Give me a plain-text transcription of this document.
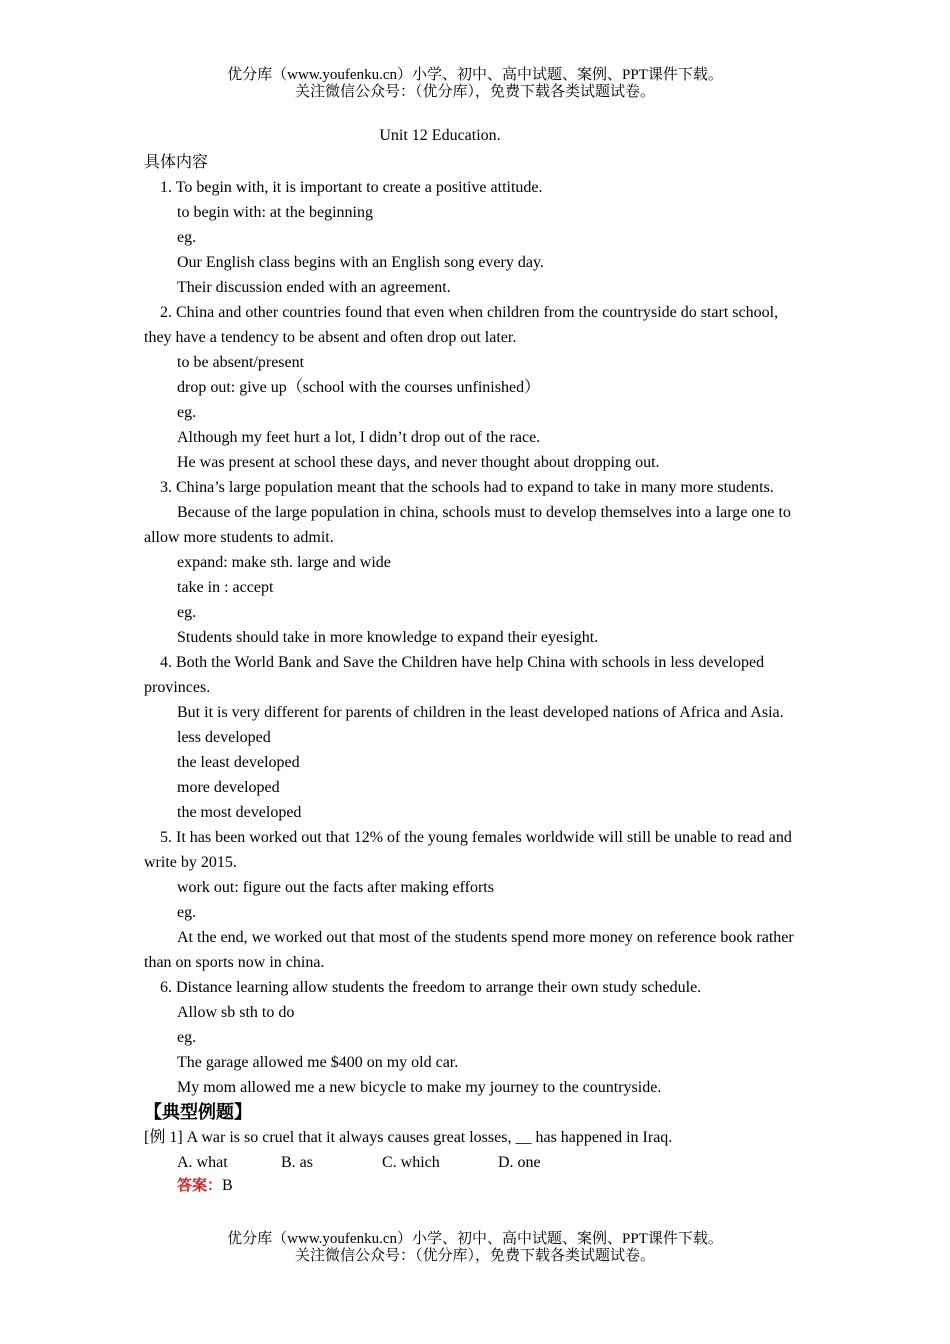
优分库（www.youfenku.cn）小学、初中、高中试题、案例、PPT课件下载。
关注微信公众号：（优分库），免费下载各类试题试卷。
Unit 12 Education.

具体内容

1. To begin with, it is important to create a positive attitude.

to begin with: at the beginning

eg.

Our English class begins with an English song every day.

Their discussion ended with an agreement.

2. China and other countries found that even when children from the countryside do start school, they have a tendency to be absent and often drop out later.

to be absent/present

drop out: give up（school with the courses unfinished）

eg.

Although my feet hurt a lot, I didn’t drop out of the race.

He was present at school these days, and never thought about dropping out.

3. China’s large population meant that the schools had to expand to take in many more students.

Because of the large population in china, schools must to develop themselves into a large one to allow more students to admit.

expand: make sth. large and wide

take in : accept

eg.

Students should take in more knowledge to expand their eyesight.

4. Both the World Bank and Save the Children have help China with schools in less developed provinces.

But it is very different for parents of children in the least developed nations of Africa and Asia.

less developed

the least developed

more developed

the most developed

5. It has been worked out that 12% of the young females worldwide will still be unable to read and write by 2015.

work out: figure out the facts after making efforts

eg.

At the end, we worked out that most of the students spend more money on reference book rather than on sports now in china.

6. Distance learning allow students the freedom to arrange their own study schedule.

Allow sb sth to do

eg.

The garage allowed me $400 on my old car.

My mom allowed me a new bicycle to make my journey to the countryside.

【典型例题】

[例 1] A war is so cruel that it always causes great losses, __ has happened in Iraq.

A. what	B. as	C. which	D. one

答案：B

优分库（www.youfenku.cn）小学、初中、高中试题、案例、PPT课件下载。
关注微信公众号：（优分库），免费下载各类试题试卷。
